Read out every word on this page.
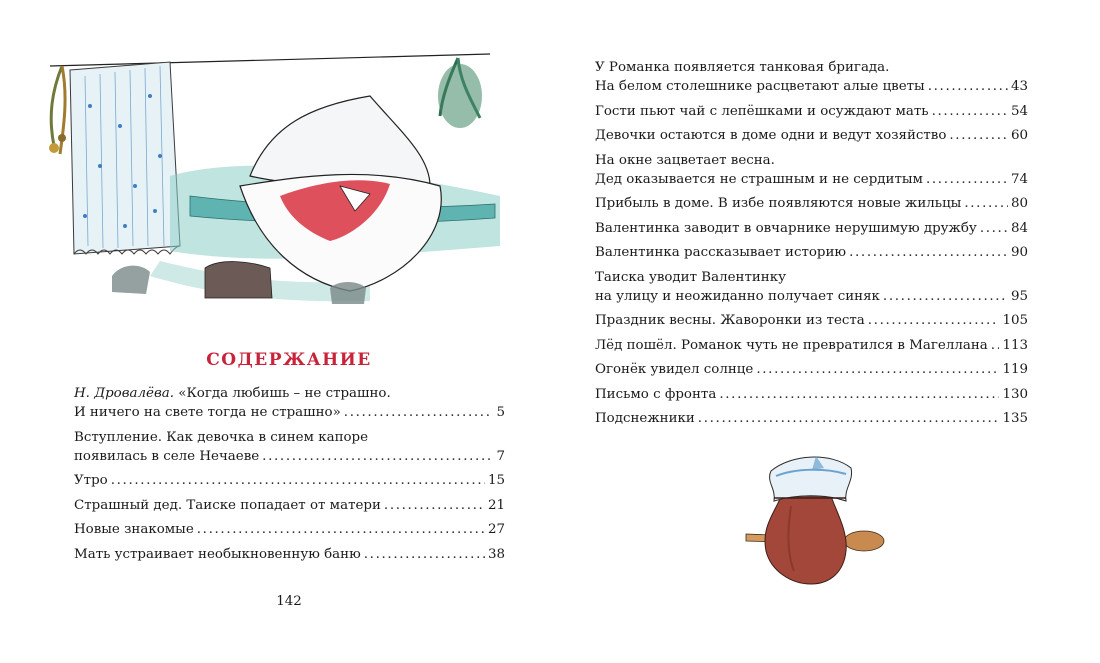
СОДЕРЖАНИЕ
Н. Дровалёва. «Когда любишь – не страшно.
И ничего на свете тогда не страшно» . . .	5
Вступление. Как девочка в синем капоре
появилась в селе Нечаеве . . .	7
Утро . . .	15
Страшный дед. Таиске попадает от матери . . .	21
Новые знакомые . . .	27
Мать устраивает необыкновенную баню . . .	38
142
У Романка появляется танковая бригада.
На белом столешнике расцветают алые цветы . . .	43
Гости пьют чай с лепёшками и осуждают мать . . .	54
Девочки остаются в доме одни и ведут хозяйство . . .	60
На окне зацветает весна.
Дед оказывается не страшным и не сердитым . . .	74
Прибыль в доме. В избе появляются новые жильцы . . .	80
Валентинка заводит в овчарнике нерушимую дружбу . . .	84
Валентинка рассказывает историю . . .	90
Таиска уводит Валентинку
на улицу и неожиданно получает синяк . . .	95
Праздник весны. Жаворонки из теста . . .	105
Лёд пошёл. Романок чуть не превратился в Магеллана . . . 113
Огонёк увидел солнце . . .	119
Письмо с фронта . . .	130
Подснежники . . .	135
